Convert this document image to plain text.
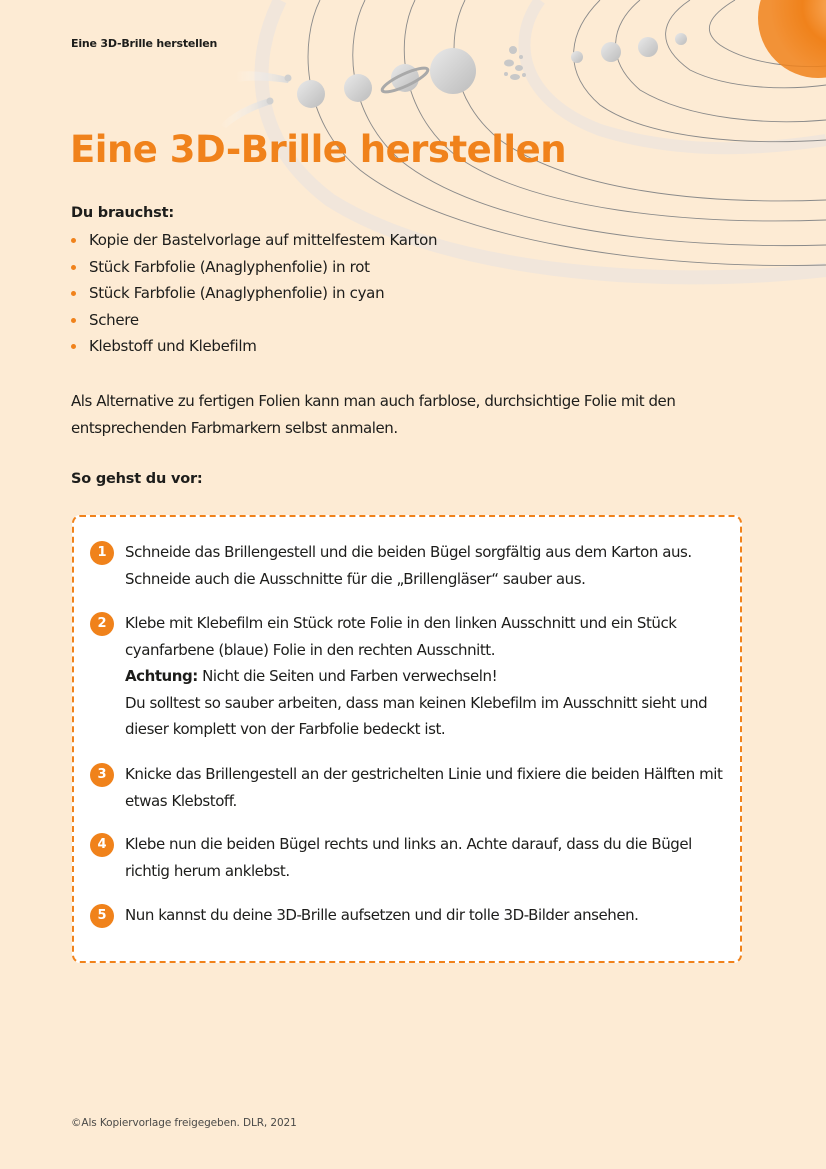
Eine 3D-Brille herstellen
Eine 3D-Brille herstellen

Du brauchst:

Kopie der Bastelvorlage auf mittelfestem Karton
Stück Farbfolie (Anaglyphenfolie) in rot
Stück Farbfolie (Anaglyphenfolie) in cyan
Schere
Klebstoff und Klebefilm

Als Alternative zu fertigen Folien kann man auch farblose, durchsichtige Folie mit den entsprechenden Farbmarkern selbst anmalen.

So gehst du vor:

1	Schneide das Brillengestell und die beiden Bügel sorgfältig aus dem Karton aus. Schneide auch die Ausschnitte für die „Brillengläser“ sauber aus.

2	Klebe mit Klebefilm ein Stück rote Folie in den linken Ausschnitt und ein Stück cyanfarbene (blaue) Folie in den rechten Ausschnitt.

Achtung: Nicht die Seiten und Farben verwechseln!

Du solltest so sauber arbeiten, dass man keinen Klebefilm im Ausschnitt sieht und dieser komplett von der Farbfolie bedeckt ist.

3	Knicke das Brillengestell an der gestrichelten Linie und fixiere die beiden Hälften mit etwas Klebstoff.

4	Klebe nun die beiden Bügel rechts und links an. Achte darauf, dass du die Bügel richtig herum anklebst.

5	Nun kannst du deine 3D-Brille aufsetzen und dir tolle 3D-Bilder ansehen.

©Als Kopiervorlage freigegeben. DLR, 2021
